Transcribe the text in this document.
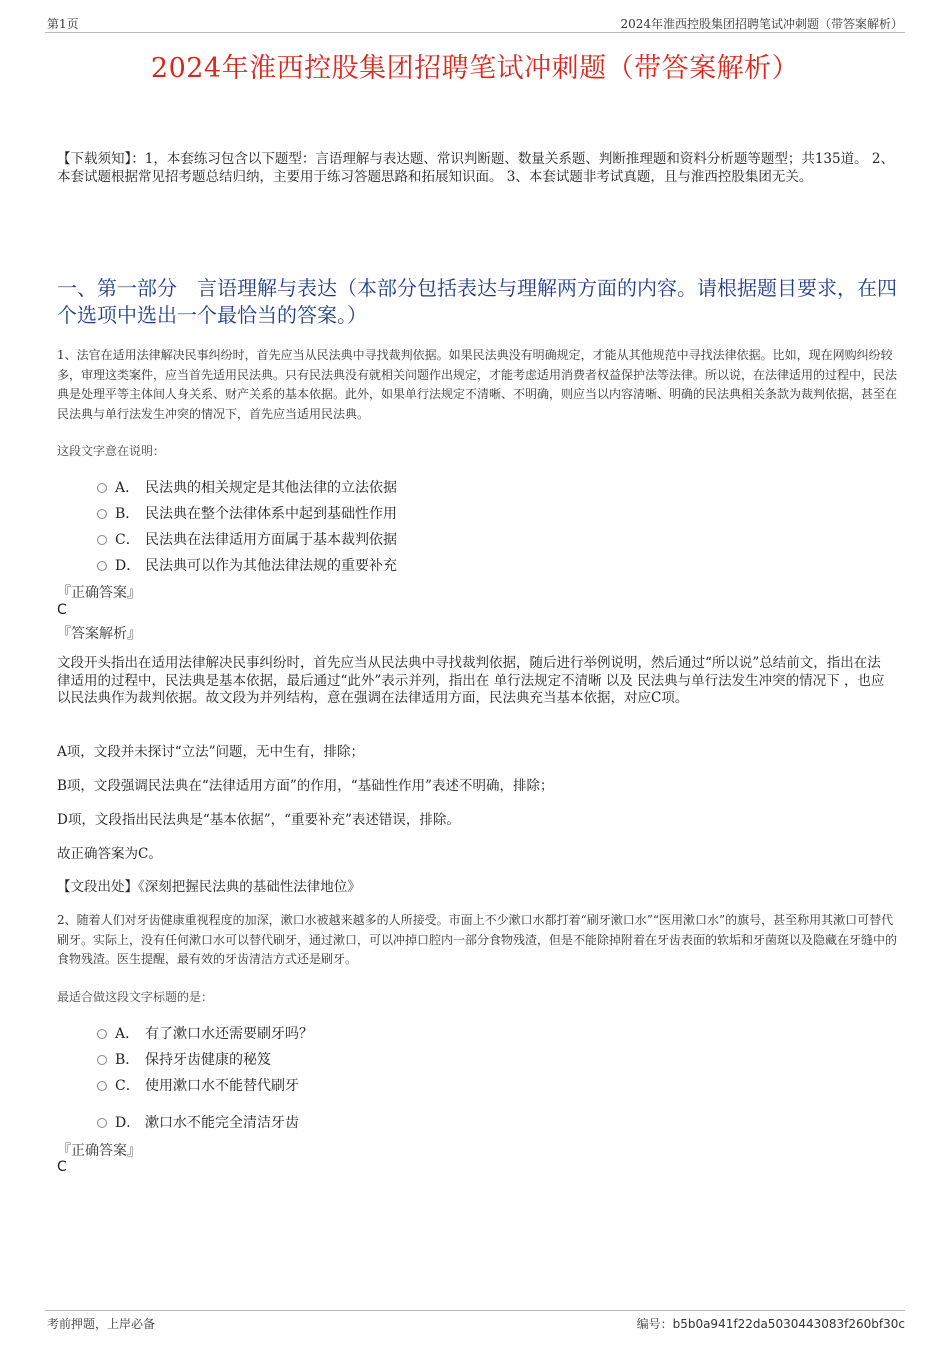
第1页	2024年淮西控股集团招聘笔试冲刺题（带答案解析）
2024年淮西控股集团招聘笔试冲刺题（带答案解析）
【下载须知】：1，本套练习包含以下题型：言语理解与表达题、常识判断题、数量关系题、判断推理题和资料分析题等题型；共135道。 2、本套试题根据常见招考题总结归纳，主要用于练习答题思路和拓展知识面。 3、本套试题非考试真题，且与淮西控股集团无关。
一、第一部分　言语理解与表达（本部分包括表达与理解两方面的内容。请根据题目要求，在四个选项中选出一个最恰当的答案。）
1、法官在适用法律解决民事纠纷时，首先应当从民法典中寻找裁判依据。如果民法典没有明确规定，才能从其他规范中寻找法律依据。比如，现在网购纠纷较多，审理这类案件，应当首先适用民法典。只有民法典没有就相关问题作出规定，才能考虑适用消费者权益保护法等法律。所以说，在法律适用的过程中，民法典是处理平等主体间人身关系、财产关系的基本依据。此外，如果单行法规定不清晰、不明确，则应当以内容清晰、明确的民法典相关条款为裁判依据，甚至在民法典与单行法发生冲突的情况下，首先应当适用民法典。
这段文字意在说明：
A． 民法典的相关规定是其他法律的立法依据
B． 民法典在整个法律体系中起到基础性作用
C． 民法典在法律适用方面属于基本裁判依据
D． 民法典可以作为其他法律法规的重要补充
『正确答案』
C
『答案解析』
文段开头指出在适用法律解决民事纠纷时，首先应当从民法典中寻找裁判依据，随后进行举例说明，然后通过“所以说”总结前文，指出在法律适用的过程中，民法典是基本依据，最后通过“此外”表示并列，指出在 单行法规定不清晰 以及 民法典与单行法发生冲突的情况下 ，也应以民法典作为裁判依据。故文段为并列结构，意在强调在法律适用方面，民法典充当基本依据，对应C项。
A项，文段并未探讨“立法”问题，无中生有，排除；
B项，文段强调民法典在“法律适用方面”的作用，“基础性作用”表述不明确，排除；
D项，文段指出民法典是“基本依据”，“重要补充”表述错误，排除。
故正确答案为C。
【文段出处】《深刻把握民法典的基础性法律地位》
2、随着人们对牙齿健康重视程度的加深，漱口水被越来越多的人所接受。市面上不少漱口水都打着“刷牙漱口水”“医用漱口水”的旗号，甚至称用其漱口可替代刷牙。实际上，没有任何漱口水可以替代刷牙，通过漱口，可以冲掉口腔内一部分食物残渣，但是不能除掉附着在牙齿表面的软垢和牙菌斑以及隐藏在牙缝中的食物残渣。医生提醒，最有效的牙齿清洁方式还是刷牙。
最适合做这段文字标题的是：
A． 有了漱口水还需要刷牙吗？
B． 保持牙齿健康的秘笈
C． 使用漱口水不能替代刷牙
D． 漱口水不能完全清洁牙齿
『正确答案』
C
考前押题，上岸必备	编号：b5b0a941f22da5030443083f260bf30c
